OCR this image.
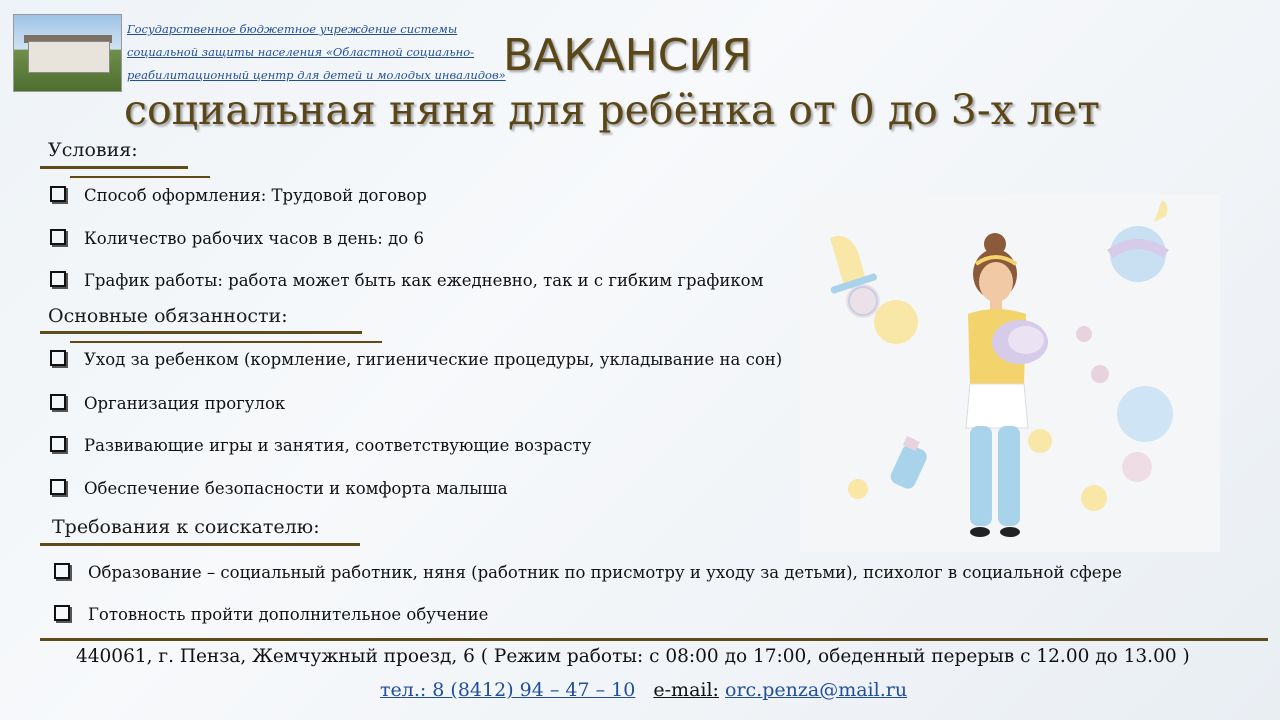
Государственное бюджетное учреждение системы
социальной защиты населения «Областной социально-
реабилитационный центр для детей и молодых инвалидов»
ВАКАНСИЯ
социальная няня для ребёнка от 0 до 3-х лет
Условия:
Способ оформления: Трудовой договор
Количество рабочих часов в день: до 6
График работы: работа может быть как ежедневно, так и с гибким графиком
Основные обязанности:
Уход за ребенком (кормление, гигиенические процедуры, укладывание на сон)
Организация прогулок
Развивающие игры и занятия, соответствующие возрасту
Обеспечение безопасности и комфорта малыша
Требования к соискателю:
Образование – социальный работник, няня (работник по присмотру и уходу за детьми), психолог в социальной сфере
Готовность пройти дополнительное обучение
440061, г. Пенза, Жемчужный проезд, 6 ( Режим работы: с 08:00 до 17:00, обеденный перерыв с 12.00 до 13.00 )
тел.: 8 (8412) 94 – 47 – 10 e-mail: orc.penza@mail.ru
